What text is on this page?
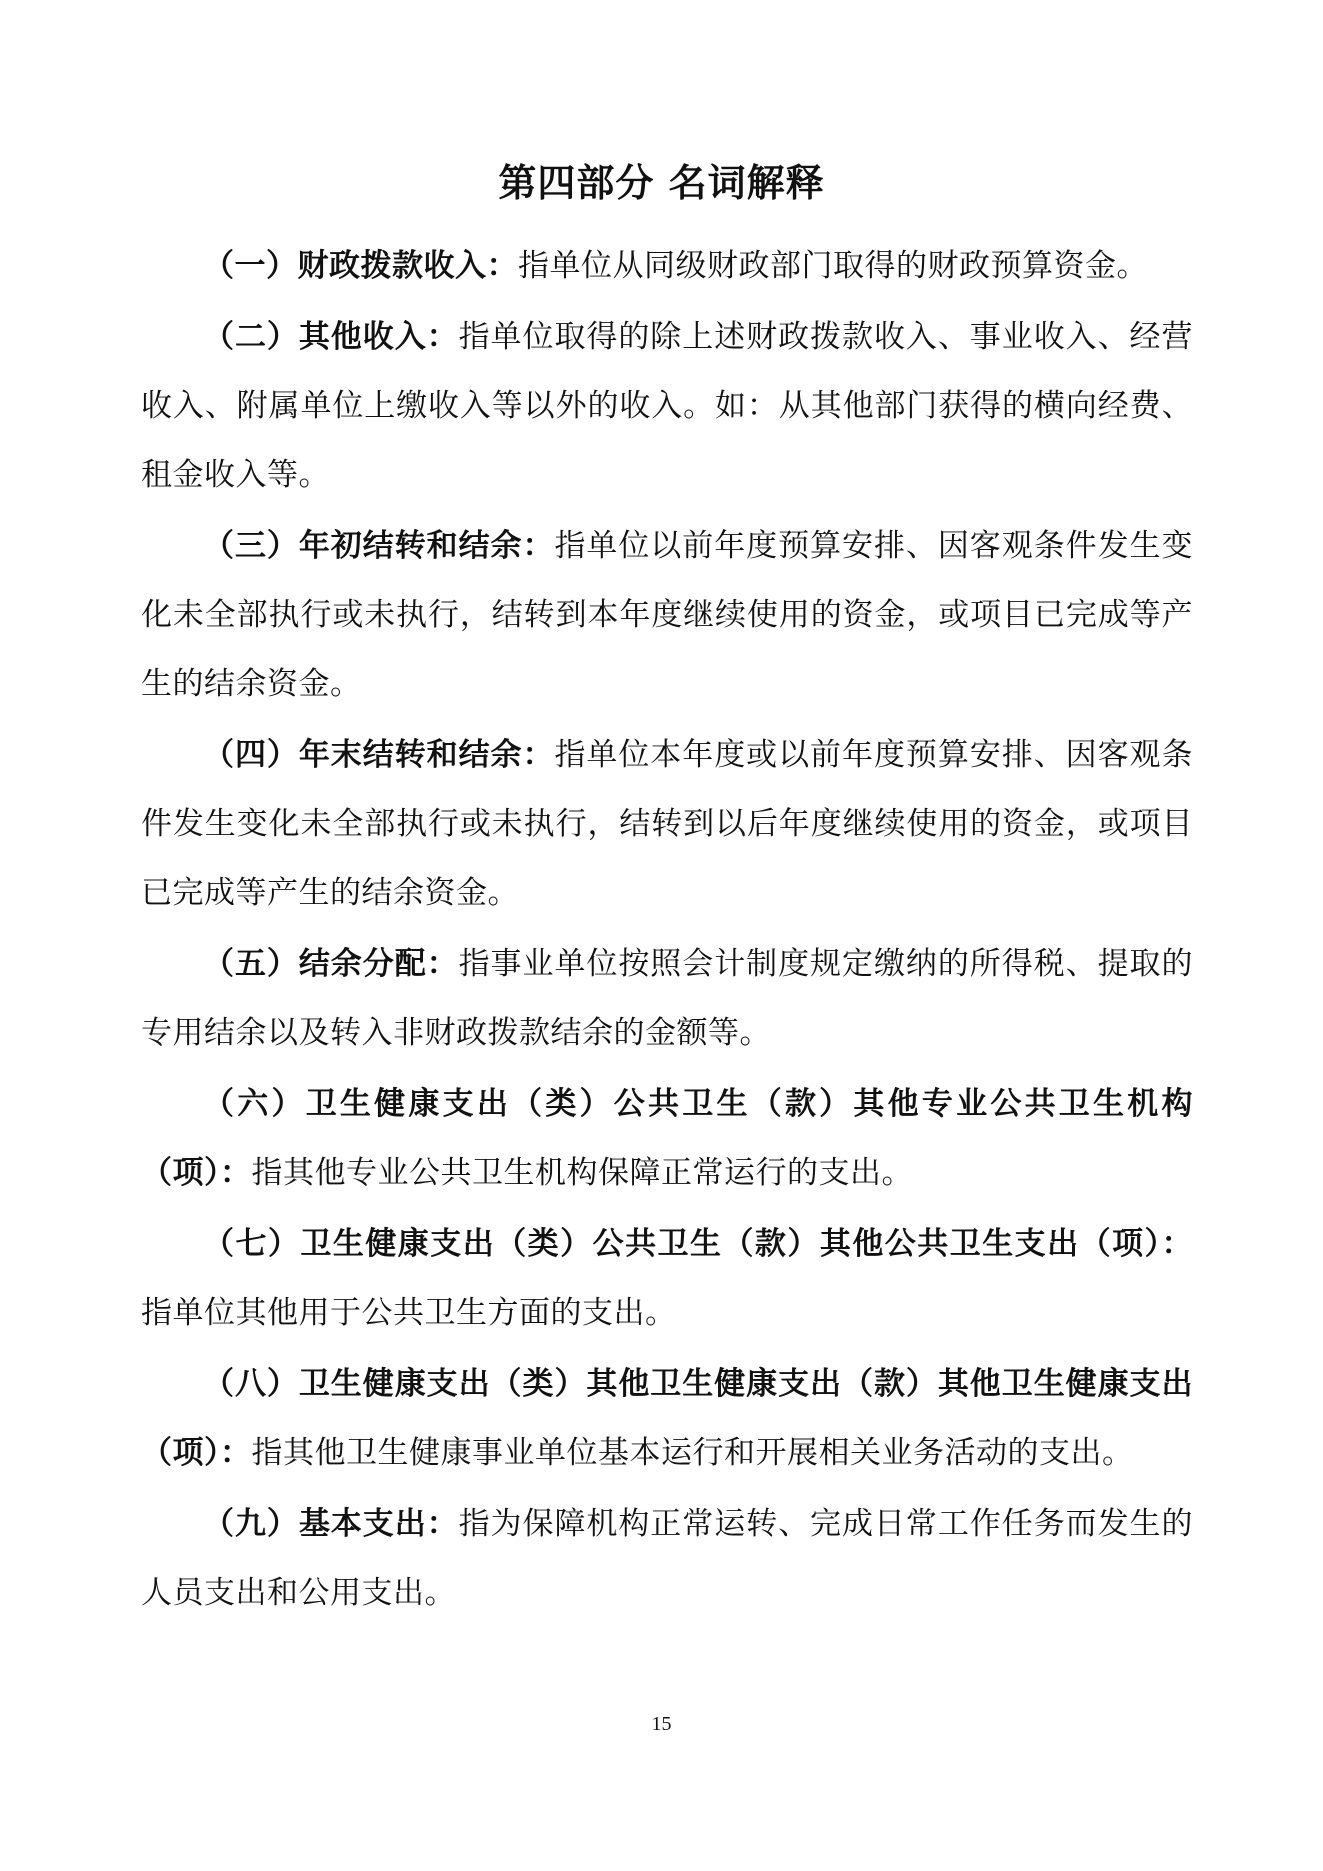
第四部分 名词解释

（一）财政拨款收入：指单位从同级财政部门取得的财政预算资金。

（二）其他收入：指单位取得的除上述财政拨款收入、事业收入、经营收入、附属单位上缴收入等以外的收入。如：从其他部门获得的横向经费、租金收入等。

（三）年初结转和结余：指单位以前年度预算安排、因客观条件发生变化未全部执行或未执行，结转到本年度继续使用的资金，或项目已完成等产生的结余资金。

（四）年末结转和结余：指单位本年度或以前年度预算安排、因客观条件发生变化未全部执行或未执行，结转到以后年度继续使用的资金，或项目已完成等产生的结余资金。

（五）结余分配：指事业单位按照会计制度规定缴纳的所得税、提取的专用结余以及转入非财政拨款结余的金额等。

（六）卫生健康支出（类）公共卫生（款）其他专业公共卫生机构（项）：指其他专业公共卫生机构保障正常运行的支出。

（七）卫生健康支出（类）公共卫生（款）其他公共卫生支出（项）：指单位其他用于公共卫生方面的支出。

（八）卫生健康支出（类）其他卫生健康支出（款）其他卫生健康支出（项）：指其他卫生健康事业单位基本运行和开展相关业务活动的支出。

（九）基本支出：指为保障机构正常运转、完成日常工作任务而发生的人员支出和公用支出。

15
